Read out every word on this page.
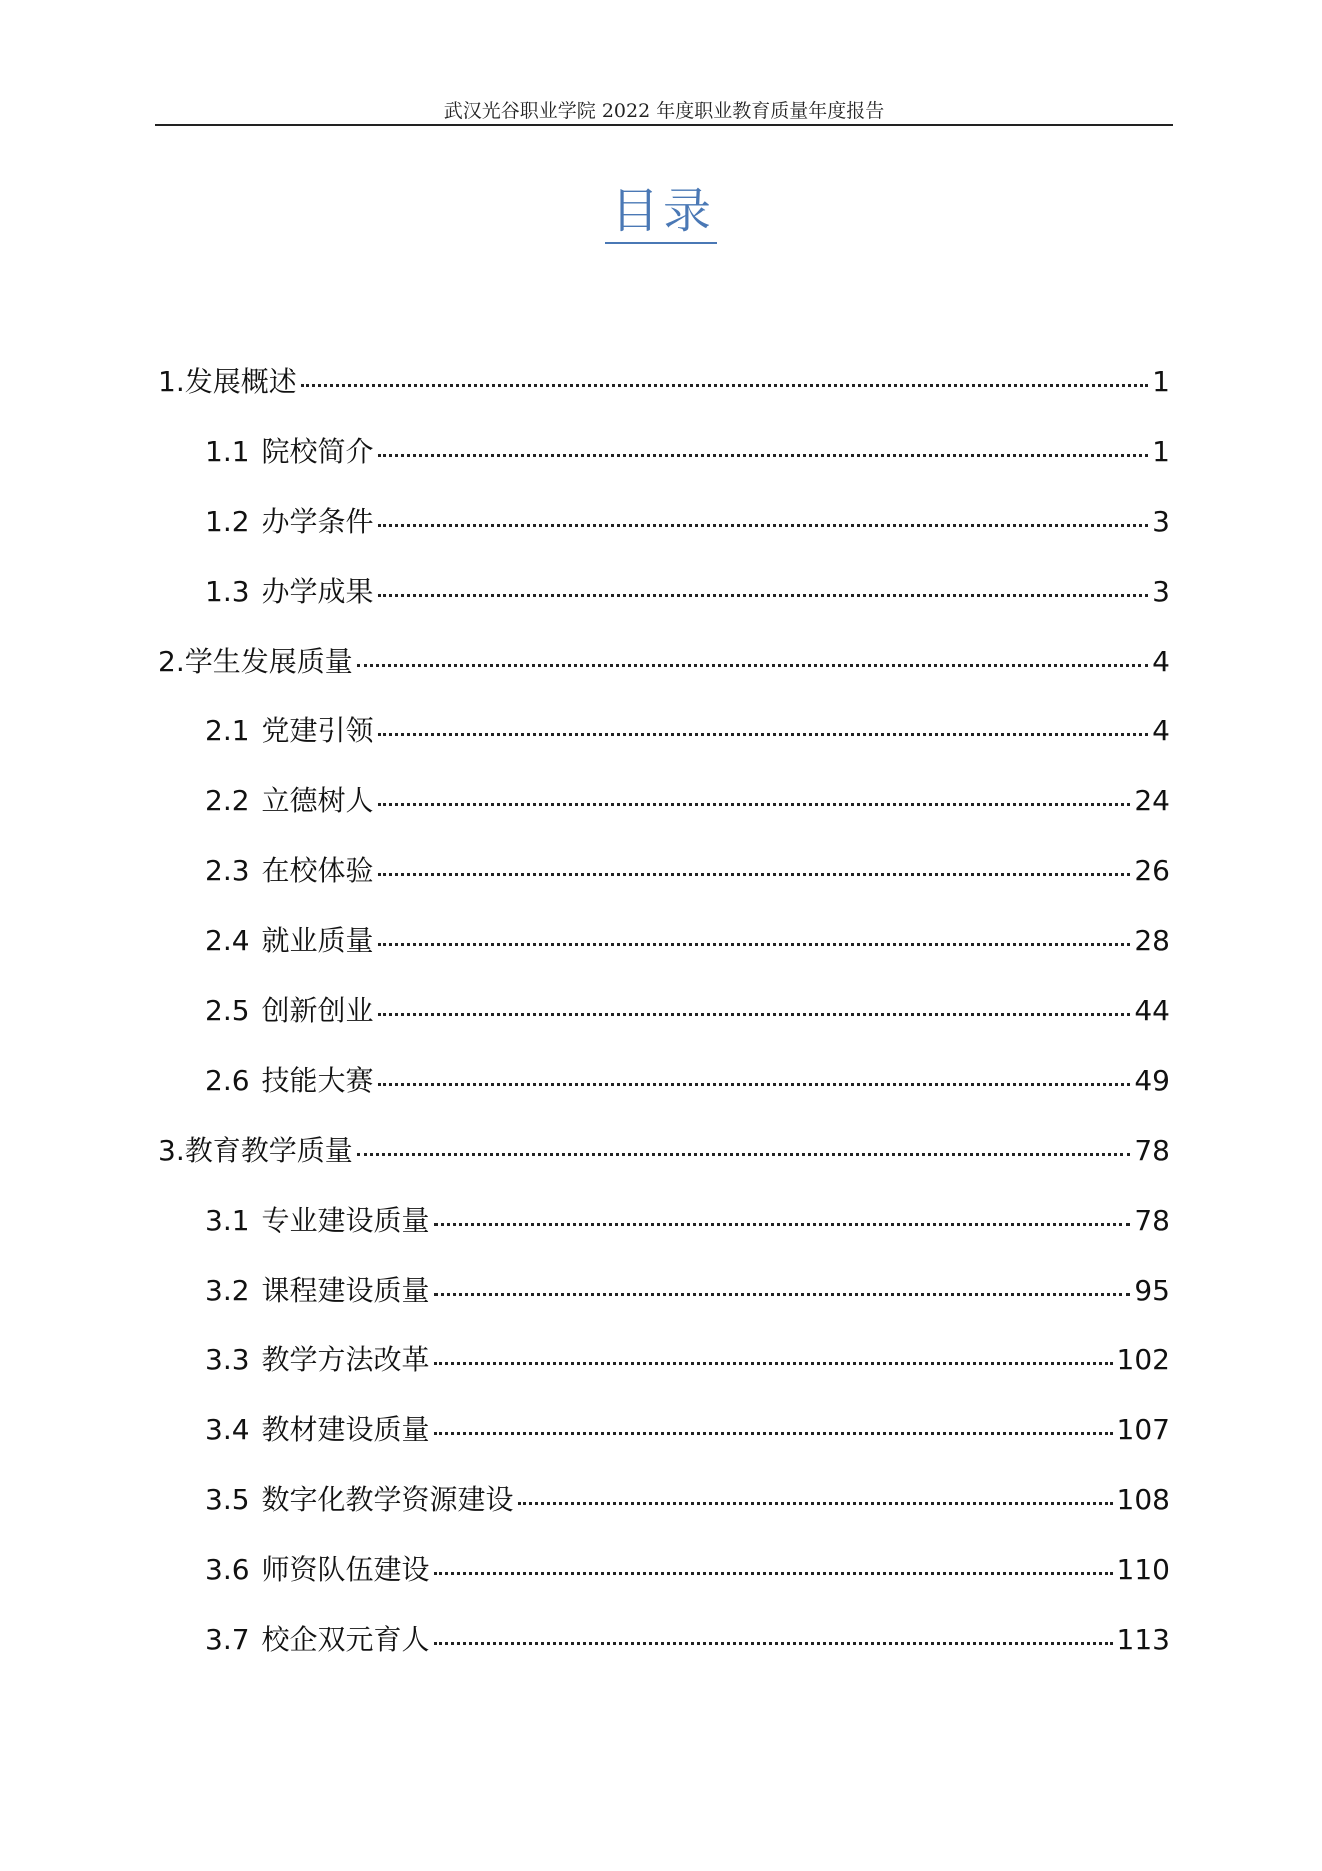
武汉光谷职业学院 2022 年度职业教育质量年度报告
目录
1.发展概述	1
1.1 院校简介	1
1.2 办学条件	3
1.3 办学成果	3
2.学生发展质量	4
2.1 党建引领	4
2.2 立德树人	24
2.3 在校体验	26
2.4 就业质量	28
2.5 创新创业	44
2.6 技能大赛	49
3.教育教学质量	78
3.1 专业建设质量	78
3.2 课程建设质量	95
3.3 教学方法改革	102
3.4 教材建设质量	107
3.5 数字化教学资源建设	108
3.6 师资队伍建设	110
3.7 校企双元育人	113
